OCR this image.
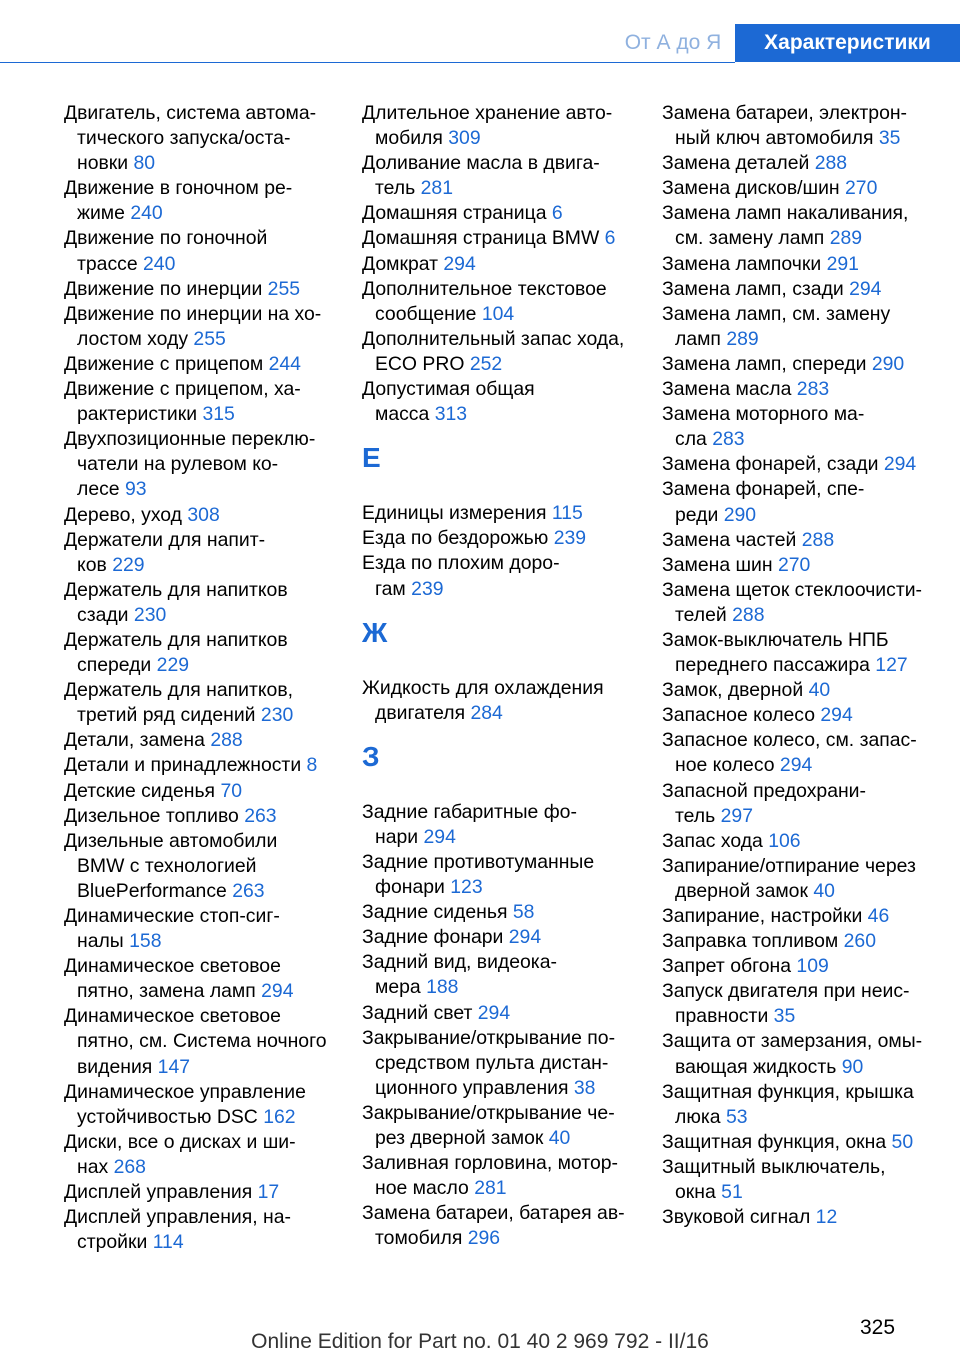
От А до Я	Характеристики
Двигатель, система автома-
тического запуска/оста-
новки 80
Движение в гоночном ре-
жиме 240
Движение по гоночной
трассе 240
Движение по инерции 255
Движение по инерции на хо-
лостом ходу 255
Движение с прицепом 244
Движение с прицепом, ха-
рактеристики 315
Двухпозиционные переклю-
чатели на рулевом ко-
лесе 93
Дерево, уход 308
Держатели для напит-
ков 229
Держатель для напитков
сзади 230
Держатель для напитков
спереди 229
Держатель для напитков,
третий ряд сидений 230
Детали, замена 288
Детали и принадлежности 8
Детские сиденья 70
Дизельное топливо 263
Дизельные автомобили
BMW с технологией
BluePerformance 263
Динамические стоп-сиг-
налы 158
Динамическое световое
пятно, замена ламп 294
Динамическое световое
пятно, см. Система ночного
видения 147
Динамическое управление
устойчивостью DSC 162
Диски, все о дисках и ши-
нах 268
Дисплей управления 17
Дисплей управления, на-
стройки 114
Длительное хранение авто-
мобиля 309
Доливание масла в двига-
тель 281
Домашняя страница 6
Домашняя страница BMW 6
Домкрат 294
Дополнительное текстовое
сообщение 104
Дополнительный запас хода,
ECO PRO 252
Допустимая общая
масса 313
Е
Единицы измерения 115
Езда по бездорожью 239
Езда по плохим доро-
гам 239
Ж
Жидкость для охлаждения
двигателя 284
З
Задние габаритные фо-
нари 294
Задние противотуманные
фонари 123
Задние сиденья 58
Задние фонари 294
Задний вид, видеока-
мера 188
Задний свет 294
Закрывание/открывание по-
средством пульта дистан-
ционного управления 38
Закрывание/открывание че-
рез дверной замок 40
Заливная горловина, мотор-
ное масло 281
Замена батареи, батарея ав-
томобиля 296
Замена батареи, электрон-
ный ключ автомобиля 35
Замена деталей 288
Замена дисков/шин 270
Замена ламп накаливания,
см. замену ламп 289
Замена лампочки 291
Замена ламп, сзади 294
Замена ламп, см. замену
ламп 289
Замена ламп, спереди 290
Замена масла 283
Замена моторного ма-
сла 283
Замена фонарей, сзади 294
Замена фонарей, спе-
реди 290
Замена частей 288
Замена шин 270
Замена щеток стеклоочисти-
телей 288
Замок-выключатель НПБ
переднего пассажира 127
Замок, дверной 40
Запасное колесо 294
Запасное колесо, см. запас-
ное колесо 294
Запасной предохрани-
тель 297
Запас хода 106
Запирание/отпирание через
дверной замок 40
Запирание, настройки 46
Заправка топливом 260
Запрет обгона 109
Запуск двигателя при неис-
правности 35
Защита от замерзания, омы-
вающая жидкость 90
Защитная функция, крышка
люка 53
Защитная функция, окна 50
Защитный выключатель,
окна 51
Звуковой сигнал 12
325
Online Edition for Part no. 01 40 2 969 792 - II/16
